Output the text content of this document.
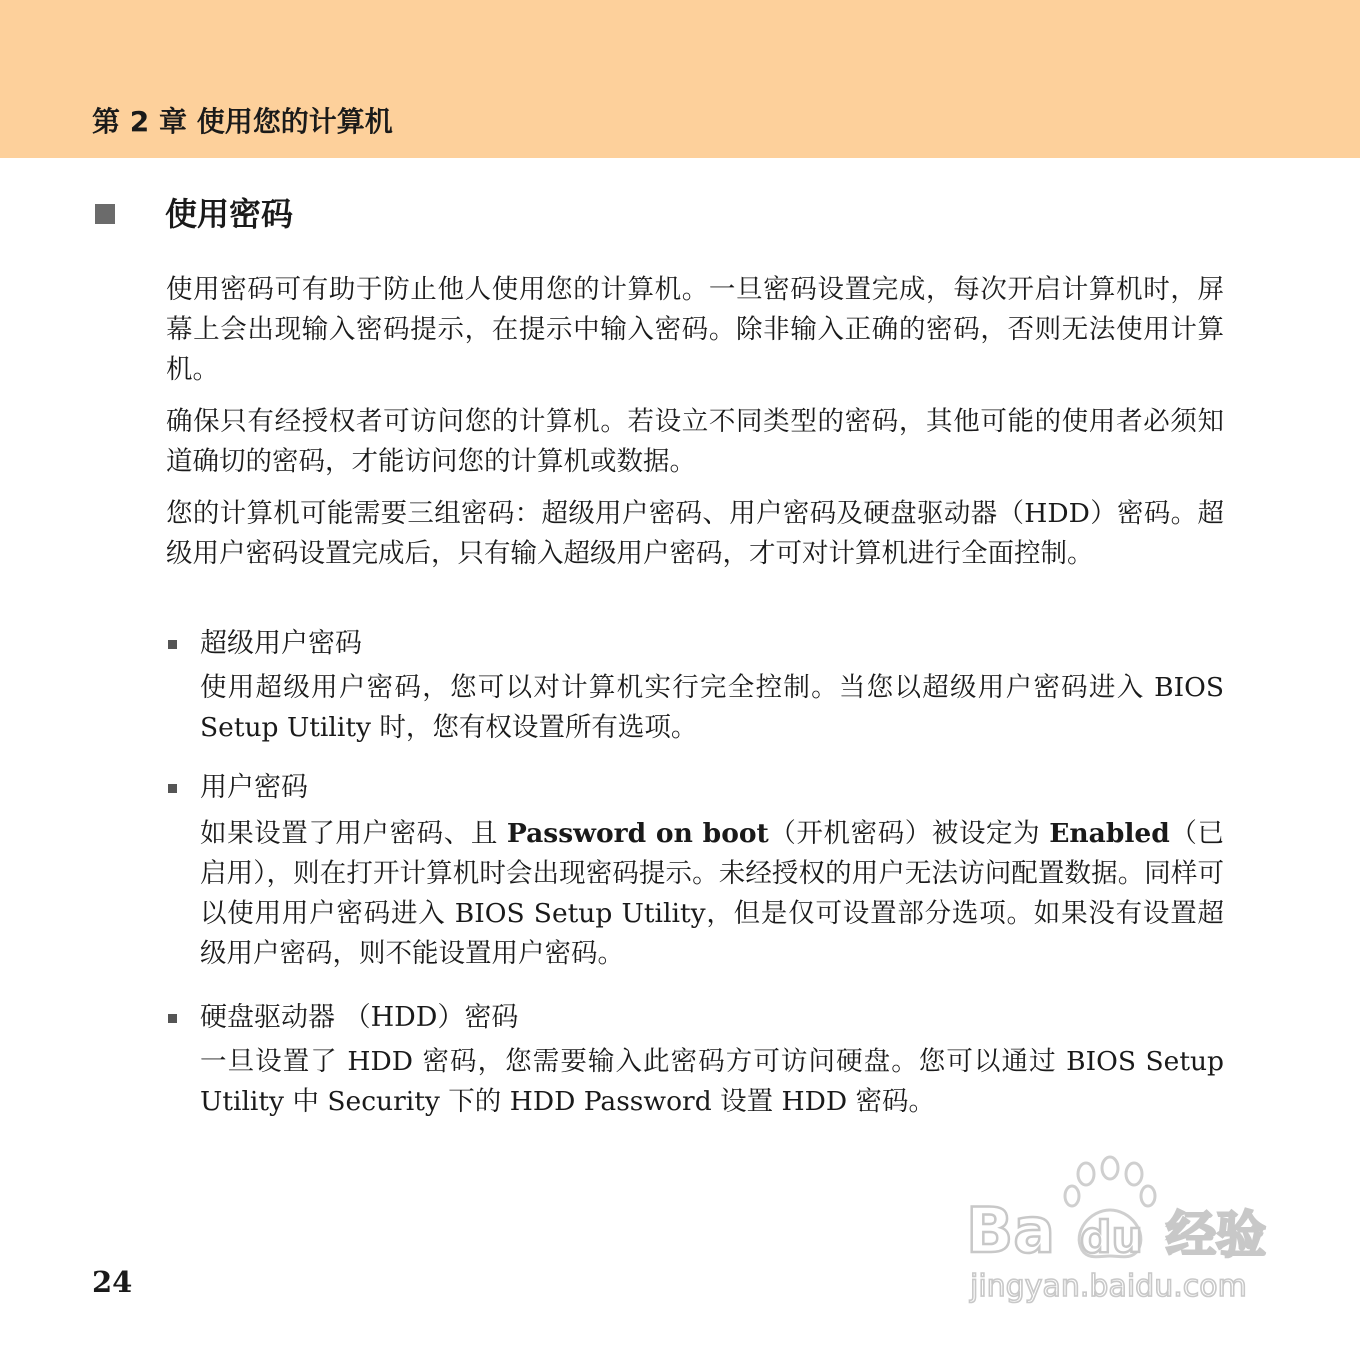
第 2 章 使用您的计算机
使用密码

使用密码可有助于防止他人使用您的计算机。一旦密码设置完成，每次开启计算机时，屏幕上会出现输入密码提示，在提示中输入密码。除非输入正确的密码，否则无法使用计算机。

确保只有经授权者可访问您的计算机。若设立不同类型的密码，其他可能的使用者必须知道确切的密码，才能访问您的计算机或数据。

您的计算机可能需要三组密码：超级用户密码、用户密码及硬盘驱动器（HDD）密码。超级用户密码设置完成后，只有输入超级用户密码，才可对计算机进行全面控制。

超级用户密码

使用超级用户密码，您可以对计算机实行完全控制。当您以超级用户密码进入 BIOS Setup Utility 时，您有权设置所有选项。

用户密码

如果设置了用户密码、且 Password on boot（开机密码）被设定为 Enabled（已启用），则在打开计算机时会出现密码提示。未经授权的用户无法访问配置数据。同样可以使用用户密码进入 BIOS Setup Utility，但是仅可设置部分选项。如果没有设置超级用户密码，则不能设置用户密码。

硬盘驱动器 （HDD）密码

一旦设置了 HDD 密码，您需要输入此密码方可访问硬盘。您可以通过 BIOS Setup Utility 中 Security 下的 HDD Password 设置 HDD 密码。

24
Ba du 经验
jingyan.baidu.com
